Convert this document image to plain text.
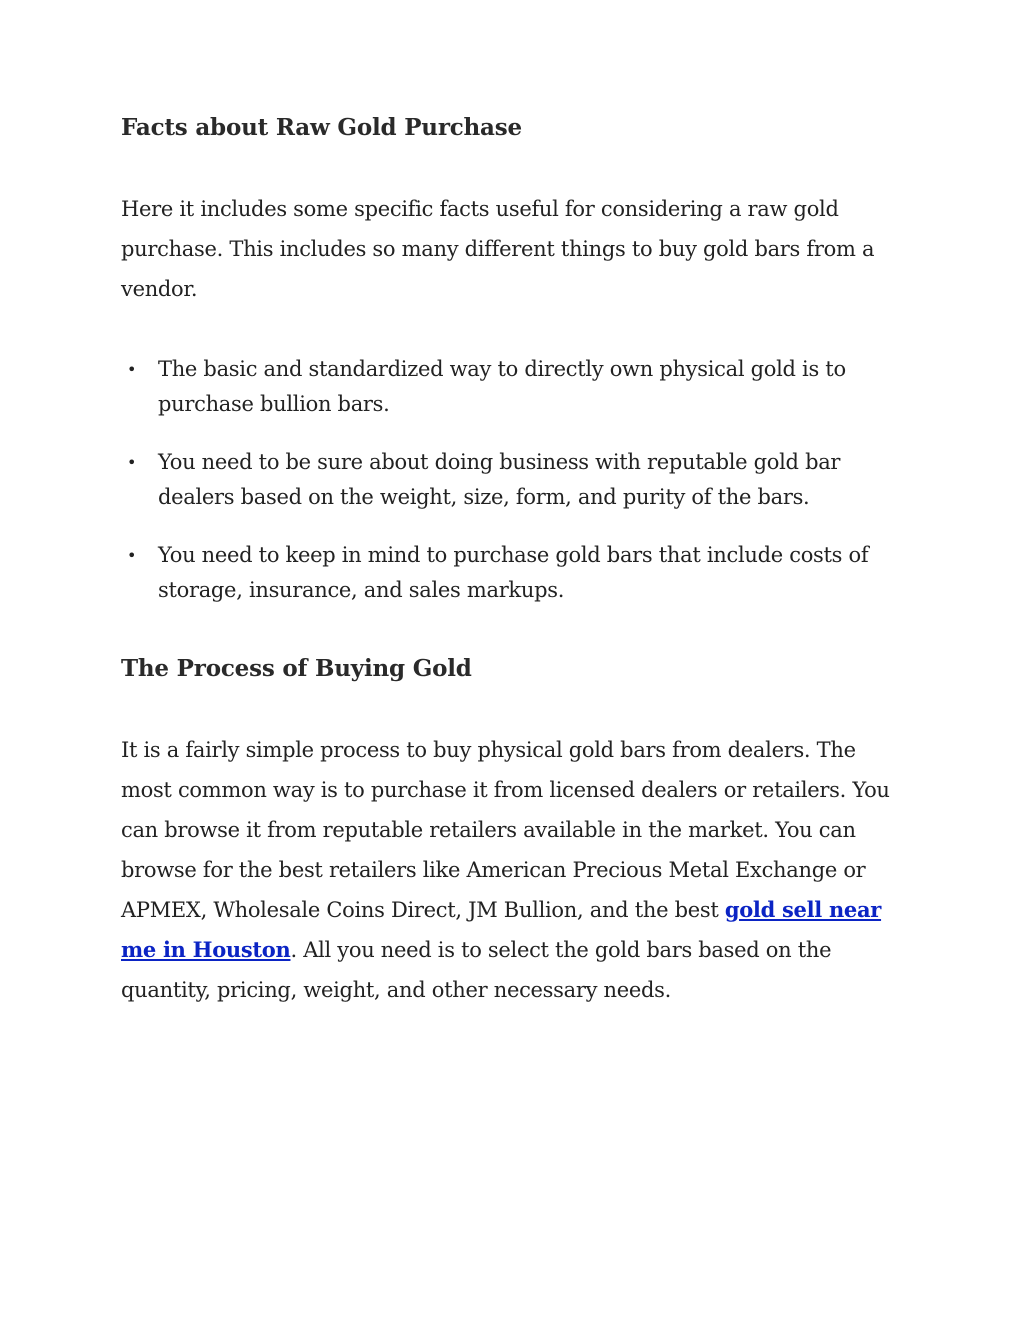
Facts about Raw Gold Purchase

Here it includes some specific facts useful for considering a raw gold purchase. This includes so many different things to buy gold bars from a vendor.

• The basic and standardized way to directly own physical gold is to purchase bullion bars.
• You need to be sure about doing business with reputable gold bar dealers based on the weight, size, form, and purity of the bars.
• You need to keep in mind to purchase gold bars that include costs of storage, insurance, and sales markups.
The Process of Buying Gold

It is a fairly simple process to buy physical gold bars from dealers. The most common way is to purchase it from licensed dealers or retailers. You can browse it from reputable retailers available in the market. You can browse for the best retailers like American Precious Metal Exchange or APMEX, Wholesale Coins Direct, JM Bullion, and the best gold sell near me in Houston. All you need is to select the gold bars based on the quantity, pricing, weight, and other necessary needs.
